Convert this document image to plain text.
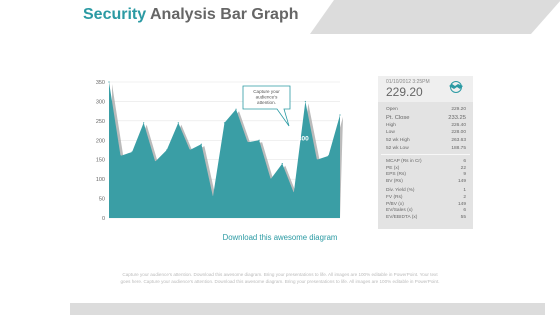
Security Analysis Bar Graph
0
50
100
150
200
250
300
350
300
Capture your
audience's
attention.
01/10/2012 3:25PM
229.20
Open	229.20
Pt. Close	233.25
High	226.40
Low	228.00
52 wk High	263.63
52 wk Low	188.75
MCAP (Rs in Cr)	6
PE (x)	22
EPS (Rs)	9
BV (Rs)	149
Div. Yield (%)	1
FV (Rs)	2
P/BV (x)	149
EV/Sales (x)	6
EV/EBIDTA (x)	55
Download this awesome diagram
Capture your audience's attention. Download this awesome diagram. Bring your presentations to life. All images are 100% editable in PowerPoint. Your text
goes here. Capture your audience's attention. Download this awesome diagram. Bring your presentations to life. All images are 100% editable in PowerPoint.
